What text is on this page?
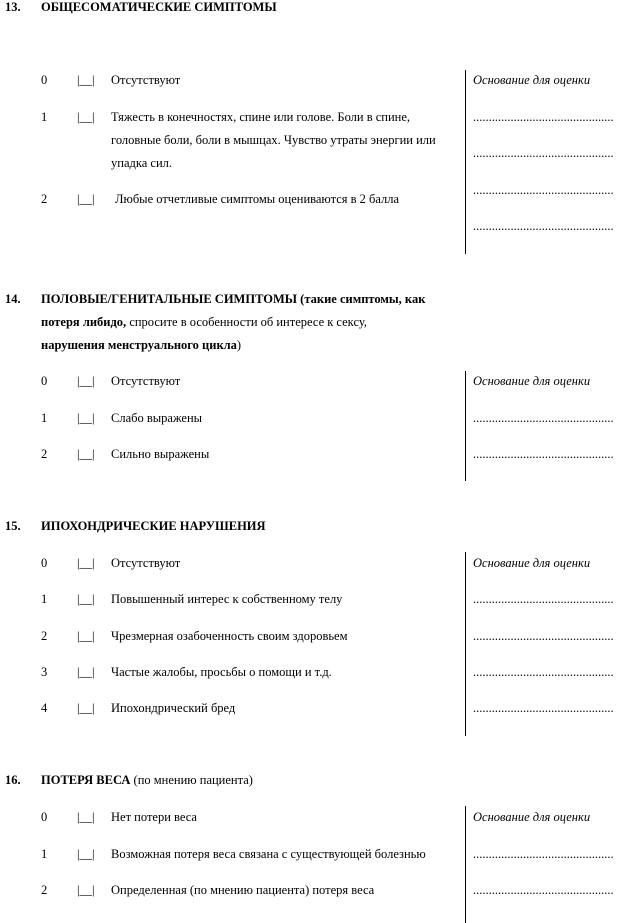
13. ОБЩЕСОМАТИЧЕСКИЕ СИМПТОМЫ
Основание для оценки
.............................................
.............................................
.............................................
.............................................
0 |__| Отсутствуют
1 |__| Тяжесть в конечностях, спине или голове. Боли в спине,
головные боли, боли в мышцах. Чувство утраты энергии или
упадка сил.
2 |__| Любые отчетливые симптомы оцениваются в 2 балла
14. ПОЛОВЫЕ/ГЕНИТАЛЬНЫЕ СИМПТОМЫ (такие симптомы, как
потеря либидо, спросите в особенности об интересе к сексу,
нарушения менструального цикла)
Основание для оценки
.............................................
.............................................
0 |__| Отсутствуют
1 |__| Слабо выражены
2 |__| Сильно выражены
15. ИПОХОНДРИЧЕСКИЕ НАРУШЕНИЯ
Основание для оценки
.............................................
.............................................
.............................................
.............................................
0 |__| Отсутствуют
1 |__| Повышенный интерес к собственному телу
2 |__| Чрезмерная озабоченность своим здоровьем
3 |__| Частые жалобы, просьбы о помощи и т.д.
4 |__| Ипохондрический бред
16. ПОТЕРЯ ВЕСА (по мнению пациента)
Основание для оценки
.............................................
.............................................
0 |__| Нет потери веса
1 |__| Возможная потеря веса связана с существующей болезнью
2 |__| Определенная (по мнению пациента) потеря веса
